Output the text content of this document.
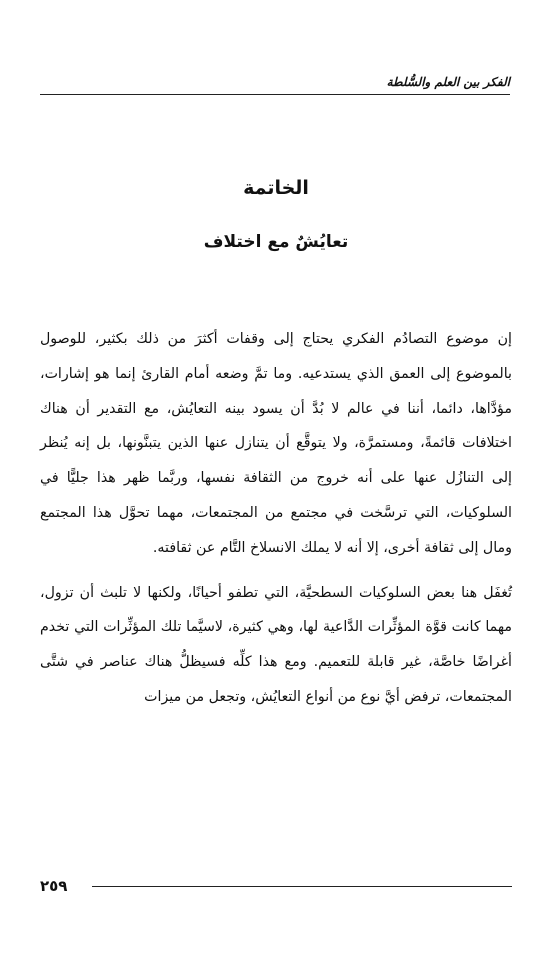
الفكر بين العلم والسُّلطة
الخاتمة
تعايُشٌ مع اختلاف

إن موضوع التصادُم الفكري يحتاج إلى وقفات أكثرَ من ذلك بكثير، للوصول بالموضوع إلى العمق الذي يستدعيه. وما تمَّ وضعه أمام القارئ إنما هو إشارات، مؤدَّاها، دائما، أننا في عالم لا بُدَّ أن يسود بينه التعايُش، مع التقدير أن هناك اختلافات قائمةً، ومستمرَّة، ولا يتوقَّع أن يتنازل عنها الذين يتبنَّونها، بل إنه يُنظر إلى التنازُل عنها على أنه خروج من الثقافة نفسها، وربَّما ظهر هذا جليًّا في السلوكيات، التي ترسَّخت في مجتمع من المجتمعات، مهما تحوَّل هذا المجتمع ومال إلى ثقافة أخرى، إلا أنه لا يملك الانسلاخ التَّام عن ثقافته.

تُغفَل هنا بعض السلوكيات السطحيَّة، التي تطفو أحيانًا، ولكنها لا تلبث أن تزول، مهما كانت قوَّة المؤثِّرات الدَّاعية لها، وهي كثيرة، لاسيَّما تلك المؤثِّرات التي تخدم أغراضًا خاصَّة، غير قابلة للتعميم. ومع هذا كلِّه فسيظلُّ هناك عناصر في شتَّى المجتمعات، ترفض أيَّ نوع من أنواع التعايُش، وتجعل من ميزات

٢٥٩
